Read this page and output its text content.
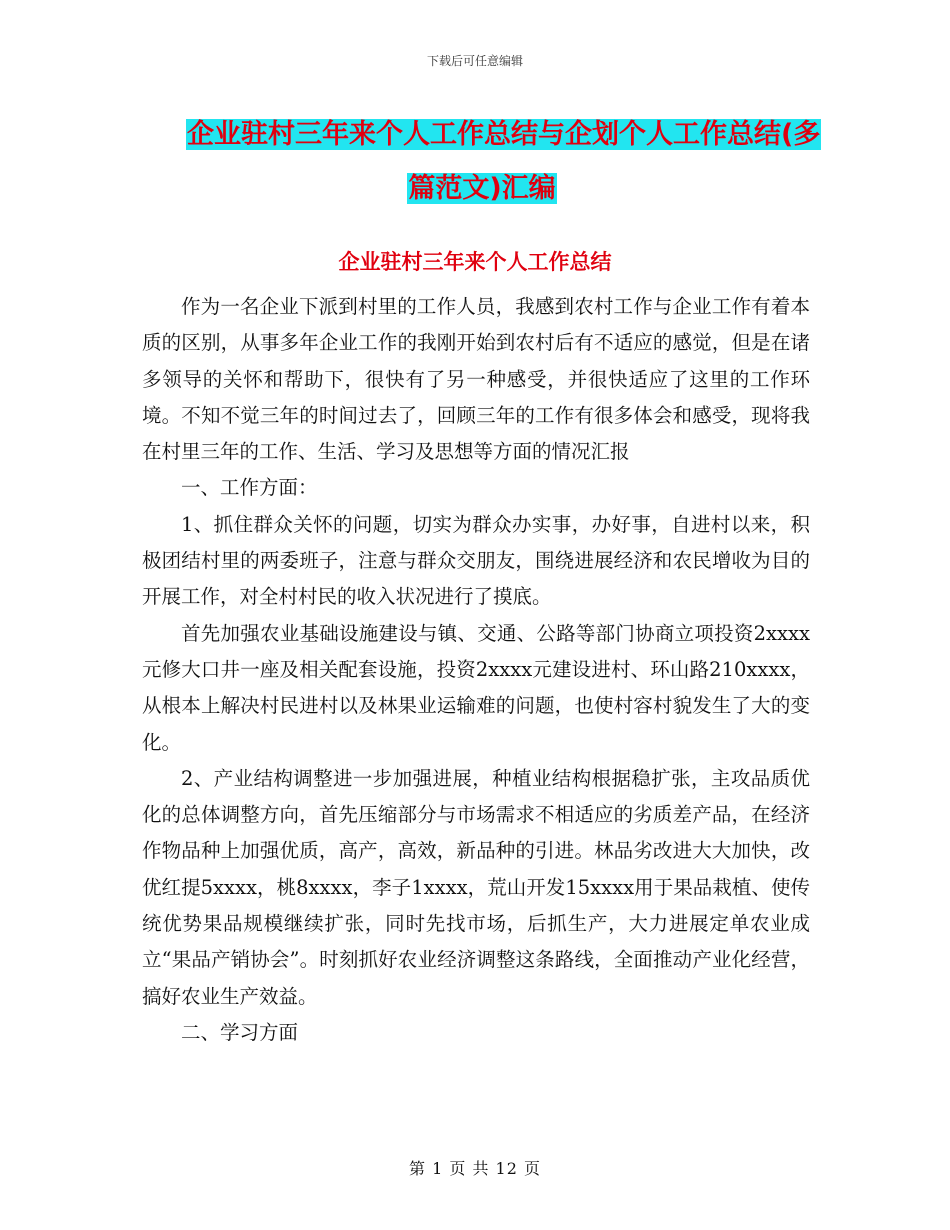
下载后可任意编辑
企业驻村三年来个人工作总结与企划个人工作总结(多
篇范文)汇编
企业驻村三年来个人工作总结

作为一名企业下派到村里的工作人员，我感到农村工作与企业工作有着本质的区别，从事多年企业工作的我刚开始到农村后有不适应的感觉，但是在诸多领导的关怀和帮助下，很快有了另一种感受，并很快适应了这里的工作环境。不知不觉三年的时间过去了，回顾三年的工作有很多体会和感受，现将我在村里三年的工作、生活、学习及思想等方面的情况汇报

一、工作方面：

1、抓住群众关怀的问题，切实为群众办实事，办好事，自进村以来，积极团结村里的两委班子，注意与群众交朋友，围绕进展经济和农民增收为目的开展工作，对全村村民的收入状况进行了摸底。

首先加强农业基础设施建设与镇、交通、公路等部门协商立项投资2xxxx元修大口井一座及相关配套设施，投资2xxxx元建设进村、环山路210xxxx，从根本上解决村民进村以及林果业运输难的问题，也使村容村貌发生了大的变化。

2、产业结构调整进一步加强进展，种植业结构根据稳扩张，主攻品质优化的总体调整方向，首先压缩部分与市场需求不相适应的劣质差产品，在经济作物品种上加强优质，高产，高效，新品种的引进。林品劣改进大大加快，改优红提5xxxx，桃8xxxx，李子1xxxx，荒山开发15xxxx用于果品栽植、使传统优势果品规模继续扩张，同时先找市场，后抓生产，大力进展定单农业成立“果品产销协会”。时刻抓好农业经济调整这条路线，全面推动产业化经营，搞好农业生产效益。

二、学习方面

第 1 页 共 12 页
